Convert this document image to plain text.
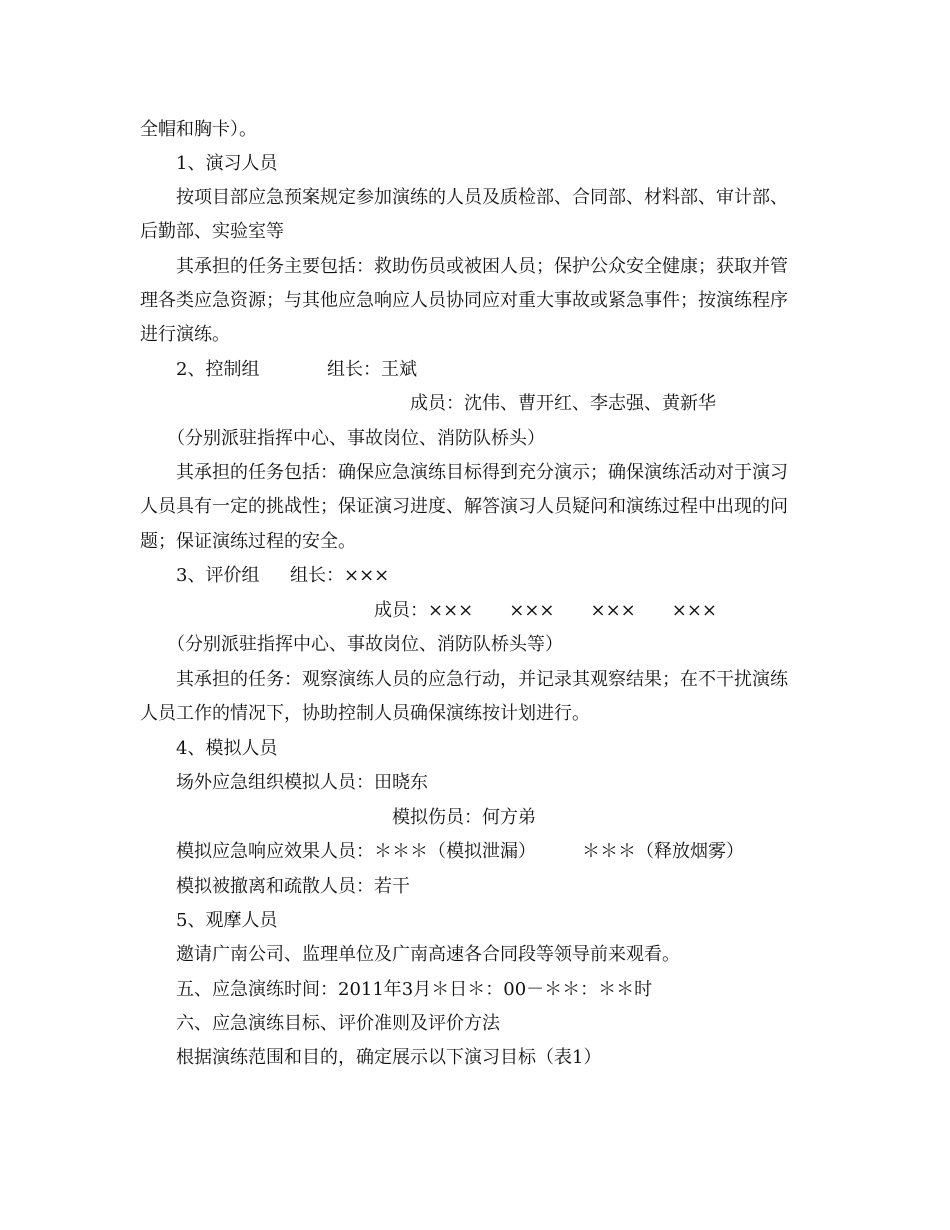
全帽和胸卡）。
1、演习人员
按项目部应急预案规定参加演练的人员及质检部、合同部、材料部、审计部、
后勤部、实验室等
其承担的任务主要包括：救助伤员或被困人员；保护公众安全健康；获取并管
理各类应急资源；与其他应急响应人员协同应对重大事故或紧急事件；按演练程序
进行演练。
2、控制组	组长：王斌
成员：沈伟、曹开红、李志强、黄新华
（分别派驻指挥中心、事故岗位、消防队桥头）
其承担的任务包括：确保应急演练目标得到充分演示；确保演练活动对于演习
人员具有一定的挑战性；保证演习进度、解答演习人员疑问和演练过程中出现的问
题；保证演练过程的安全。
3、评价组 组长：×××
成员：×××　　×××　　×××　　×××
（分别派驻指挥中心、事故岗位、消防队桥头等）
其承担的任务：观察演练人员的应急行动，并记录其观察结果；在不干扰演练
人员工作的情况下，协助控制人员确保演练按计划进行。
4、模拟人员
场外应急组织模拟人员：田晓东
模拟伤员：何方弟
模拟应急响应效果人员：＊＊＊（模拟泄漏）	＊＊＊（释放烟雾）
模拟被撤离和疏散人员：若干
5、观摩人员
邀请广南公司、监理单位及广南高速各合同段等领导前来观看。
五、应急演练时间：2011年3月＊日＊：00－＊＊：＊＊时
六、应急演练目标、评价准则及评价方法
根据演练范围和目的，确定展示以下演习目标（表1）
